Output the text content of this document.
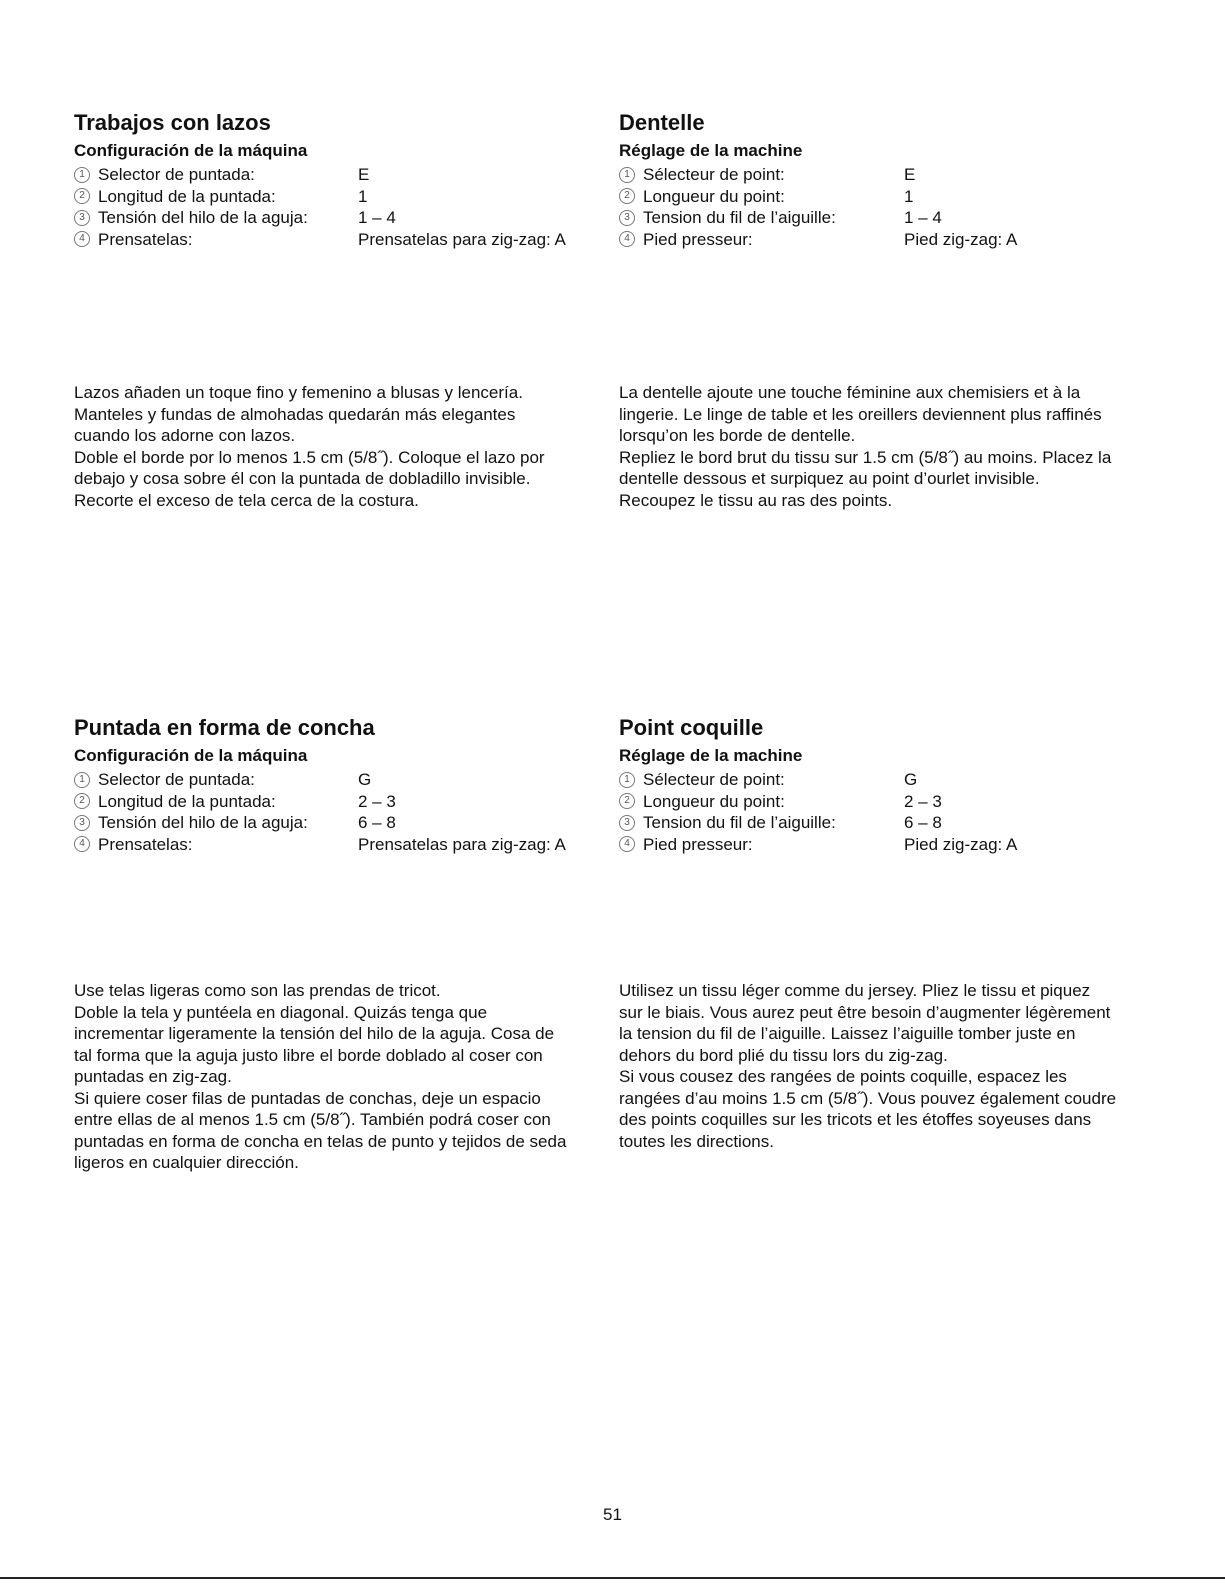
Trabajos con lazos
Configuración de la máquina
1 Selector de puntada:	E
2 Longitud de la puntada:	1
3 Tensión del hilo de la aguja:	1 – 4
4 Prensatelas:	Prensatelas para zig-zag: A

Lazos añaden un toque fino y femenino a blusas y lencería.

Manteles y fundas de almohadas quedarán más elegantes

cuando los adorne con lazos.

Doble el borde por lo menos 1.5 cm (5/8˝). Coloque el lazo por

debajo y cosa sobre él con la puntada de dobladillo invisible.

Recorte el exceso de tela cerca de la costura.

Dentelle
Réglage de la machine
1 Sélecteur de point:	E
2 Longueur du point:	1
3 Tension du fil de l’aiguille:	1 – 4
4 Pied presseur:	Pied zig-zag: A

La dentelle ajoute une touche féminine aux chemisiers et à la

lingerie. Le linge de table et les oreillers deviennent plus raffinés

lorsqu’on les borde de dentelle.

Repliez le bord brut du tissu sur 1.5 cm (5/8˝) au moins. Placez la

dentelle dessous et surpiquez au point d’ourlet invisible.

Recoupez le tissu au ras des points.

Puntada en forma de concha
Configuración de la máquina
1 Selector de puntada:	G
2 Longitud de la puntada:	2 – 3
3 Tensión del hilo de la aguja:	6 – 8
4 Prensatelas:	Prensatelas para zig-zag: A

Use telas ligeras como son las prendas de tricot.

Doble la tela y puntéela en diagonal. Quizás tenga que

incrementar ligeramente la tensión del hilo de la aguja. Cosa de

tal forma que la aguja justo libre el borde doblado al coser con

puntadas en zig-zag.

Si quiere coser filas de puntadas de conchas, deje un espacio

entre ellas de al menos 1.5 cm (5/8˝). También podrá coser con

puntadas en forma de concha en telas de punto y tejidos de seda

ligeros en cualquier dirección.

Point coquille
Réglage de la machine
1 Sélecteur de point:	G
2 Longueur du point:	2 – 3
3 Tension du fil de l’aiguille:	6 – 8
4 Pied presseur:	Pied zig-zag: A

Utilisez un tissu léger comme du jersey. Pliez le tissu et piquez

sur le biais. Vous aurez peut être besoin d’augmenter légèrement

la tension du fil de l’aiguille. Laissez l’aiguille tomber juste en

dehors du bord plié du tissu lors du zig-zag.

Si vous cousez des rangées de points coquille, espacez les

rangées d’au moins 1.5 cm (5/8˝). Vous pouvez également coudre

des points coquilles sur les tricots et les étoffes soyeuses dans

toutes les directions.

51
